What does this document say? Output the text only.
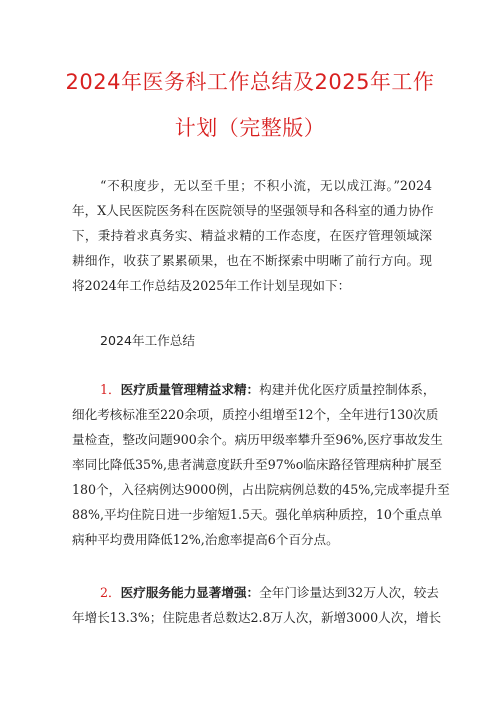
2024年医务科工作总结及2025年工作
计划（完整版）
“不积度步，无以至千里；不积小流，无以成江海。”2024
年，X人民医院医务科在医院领导的坚强领导和各科室的通力协作
下，秉持着求真务实、精益求精的工作态度，在医疗管理领域深
耕细作，收获了累累硕果，也在不断探索中明晰了前行方向。现
将2024年工作总结及2025年工作计划呈现如下：
2024年工作总结
1．医疗质量管理精益求精：构建并优化医疗质量控制体系，
细化考核标准至220余项，质控小组增至12个，全年进行130次质
量检查，整改问题900余个。病历甲级率攀升至96%,医疗事故发生
率同比降低35%,患者满意度跃升至97%o临床路径管理病种扩展至
180个，入径病例达9000例，占出院病例总数的45%,完成率提升至
88%,平均住院日进一步缩短1.5天。强化单病种质控，10个重点单
病种平均费用降低12%,治愈率提高6个百分点。
2．医疗服务能力显著增强：全年门诊量达到32万人次，较去
年增长13.3%；住院患者总数达2.8万人次，新增3000人次，增长
